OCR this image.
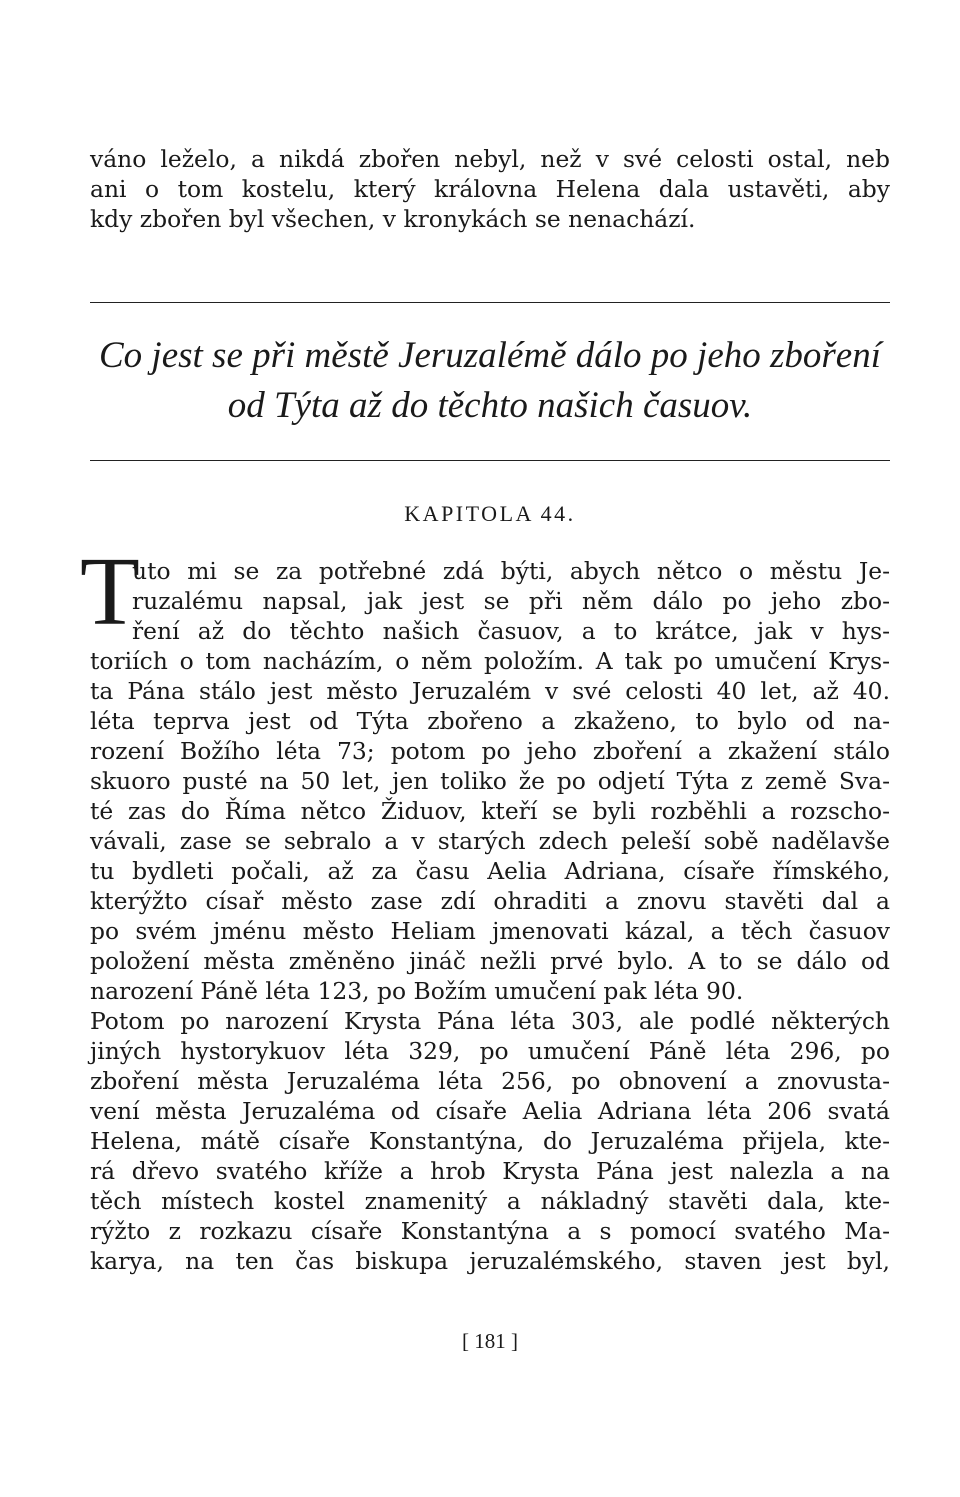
váno leželo, a nikdá zbořen nebyl, než v své celosti ostal, neb
ani o tom kostelu, který královna Helena dala ustavěti, aby
kdy zbořen byl všechen, v kronykách se nenachází.
Co jest se při městě Jeruzalémě dálo po jeho zboření
od Týta až do těchto našich časuov.
KAPITOLA 44.
T
uto mi se za potřebné zdá býti, abych nětco o městu Je-
ruzalému napsal, jak jest se při něm dálo po jeho zbo-
ření až do těchto našich časuov, a to krátce, jak v hys-
toriích o tom nacházím, o něm položím. A tak po umučení Krys-
ta Pána stálo jest město Jeruzalém v své celosti 40 let, až 40.
léta teprva jest od Týta zbořeno a zkaženo, to bylo od na-
rození Božího léta 73; potom po jeho zboření a zkažení stálo
skuoro pusté na 50 let, jen toliko že po odjetí Týta z země Sva-
té zas do Říma nětco Židuov, kteří se byli rozběhli a rozscho-
vávali, zase se sebralo a v starých zdech peleší sobě nadělavše
tu bydleti počali, až za času Aelia Adriana, císaře římského,
kterýžto císař město zase zdí ohraditi a znovu stavěti dal a
po svém jménu město Heliam jmenovati kázal, a těch časuov
položení města změněno jináč nežli prvé bylo. A to se dálo od
narození Páně léta 123, po Božím umučení pak léta 90.
Potom po narození Krysta Pána léta 303, ale podlé některých
jiných hystorykuov léta 329, po umučení Páně léta 296, po
zboření města Jeruzaléma léta 256, po obnovení a znovusta-
vení města Jeruzaléma od císaře Aelia Adriana léta 206 svatá
Helena, mátě císaře Konstantýna, do Jeruzaléma přijela, kte-
rá dřevo svatého kříže a hrob Krysta Pána jest nalezla a na
těch místech kostel znamenitý a nákladný stavěti dala, kte-
rýžto z rozkazu císaře Konstantýna a s pomocí svatého Ma-
karya, na ten čas biskupa jeruzalémského, staven jest byl,
[ 181 ]
